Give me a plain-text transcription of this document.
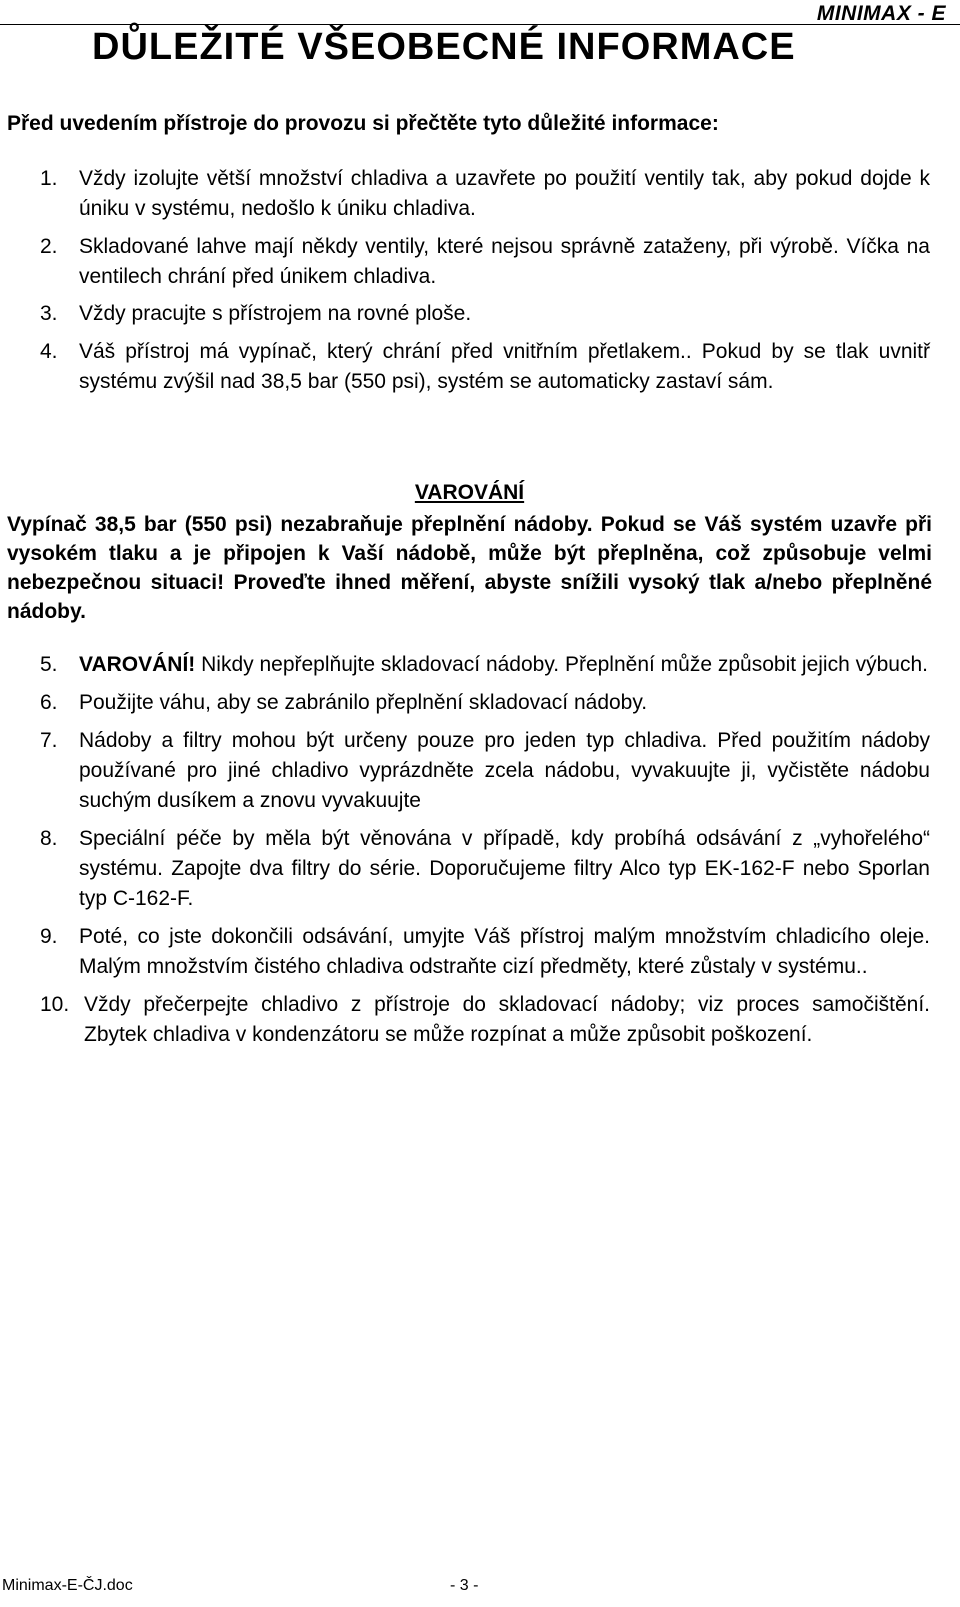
MINIMAX - E
DŮLEŽITÉ VŠEOBECNÉ INFORMACE

Před uvedením přístroje do provozu si přečtěte tyto důležité informace:

1. Vždy izolujte větší množství chladiva a uzavřete po použití ventily tak, aby pokud dojde k úniku v systému, nedošlo k úniku chladiva.
2. Skladované lahve mají někdy ventily, které nejsou správně zataženy, při výrobě. Víčka na ventilech chrání před únikem chladiva.
3. Vždy pracujte s přístrojem na rovné ploše.
4. Váš přístroj má vypínač, který chrání před vnitřním přetlakem.. Pokud by se tlak uvnitř systému zvýšil nad 38,5 bar (550 psi), systém se automaticky zastaví sám.

VAROVÁNÍ

Vypínač 38,5 bar (550 psi) nezabraňuje přeplnění nádoby. Pokud se Váš systém uzavře při vysokém tlaku a je připojen k Vaší nádobě, může být přeplněna, což způsobuje velmi nebezpečnou situaci! Proveďte ihned měření, abyste snížili vysoký tlak a/nebo přeplněné nádoby.

5. VAROVÁNÍ! Nikdy nepřeplňujte skladovací nádoby. Přeplnění může způsobit jejich výbuch.
6. Použijte váhu, aby se zabránilo přeplnění skladovací nádoby.
7. Nádoby a filtry mohou být určeny pouze pro jeden typ chladiva. Před použitím nádoby používané pro jiné chladivo vyprázdněte zcela nádobu, vyvakuujte ji, vyčistěte nádobu suchým dusíkem a znovu vyvakuujte
8. Speciální péče by měla být věnována v případě, kdy probíhá odsávání z „vyhořelého“ systému. Zapojte dva filtry do série. Doporučujeme filtry Alco typ EK-162-F nebo Sporlan typ C-162-F.
9. Poté, co jste dokončili odsávání, umyjte Váš přístroj malým množstvím chladicího oleje. Malým množstvím čistého chladiva odstraňte cizí předměty, které zůstaly v systému..
10. Vždy přečerpejte chladivo z přístroje do skladovací nádoby; viz proces samočištění. Zbytek chladiva v kondenzátoru se může rozpínat a může způsobit poškození.
Minimax-E-ČJ.doc	- 3 -
